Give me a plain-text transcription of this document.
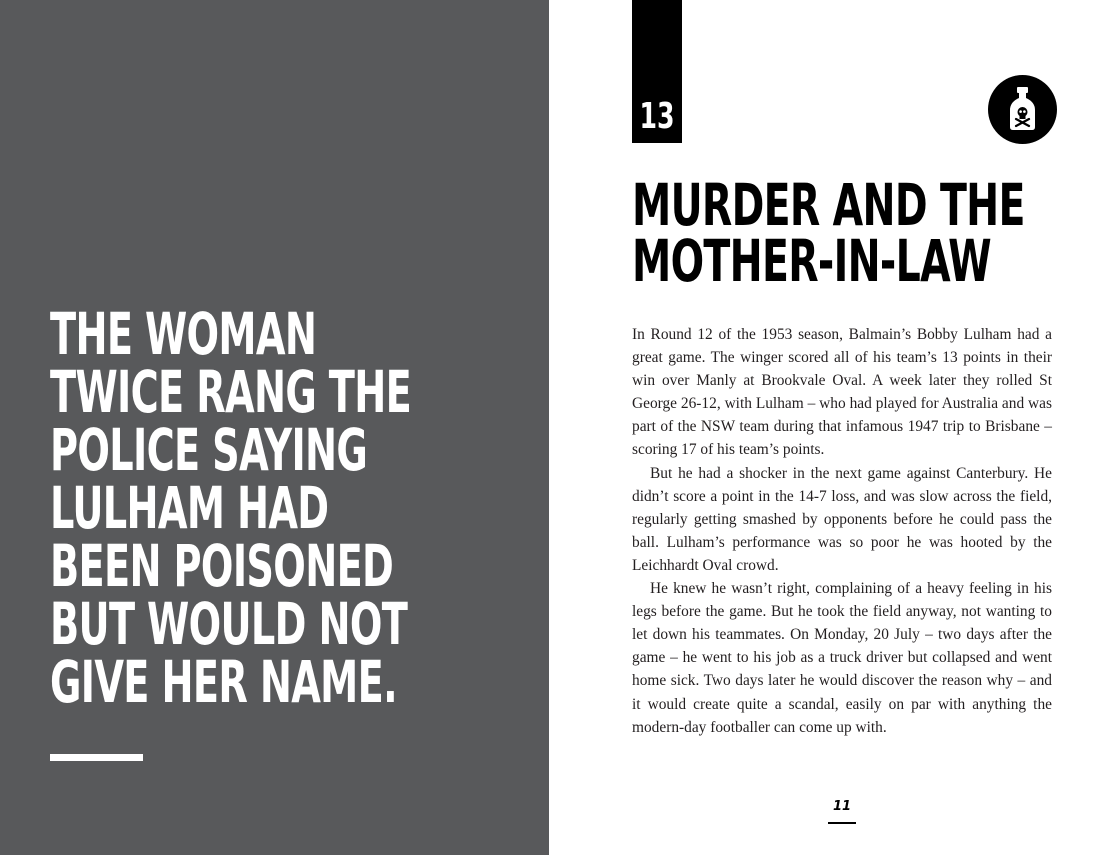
THE WOMAN
TWICE RANG THE
POLICE SAYING
LULHAM HAD
BEEN POISONED
BUT WOULD NOT
GIVE HER NAME.
13
MURDER AND THE
MOTHER-IN-LAW

In Round 12 of the 1953 season, Balmain’s Bobby Lulham had a great game. The winger scored all of his team’s 13 points in their win over Manly at Brookvale Oval. A week later they rolled St George 26-12, with Lulham – who had played for Australia and was part of the NSW team during that infamous 1947 trip to Brisbane – scoring 17 of his team’s points.

But he had a shocker in the next game against Canterbury. He didn’t score a point in the 14-7 loss, and was slow across the field, regularly getting smashed by opponents before he could pass the ball. Lulham’s performance was so poor he was hooted by the Leichhardt Oval crowd.

He knew he wasn’t right, complaining of a heavy feeling in his legs before the game. But he took the field anyway, not wanting to let down his teammates. On Monday, 20 July – two days after the game – he went to his job as a truck driver but collapsed and went home sick. Two days later he would discover the reason why – and it would create quite a scandal, easily on par with anything the modern-day footballer can come up with.

11
